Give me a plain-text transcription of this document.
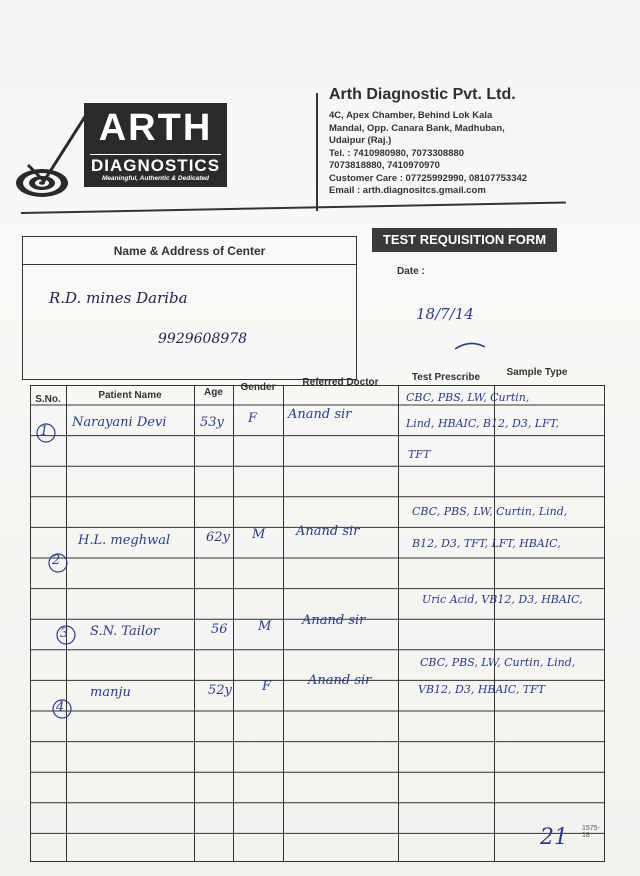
ARTH
DIAGNOSTICS
Meaningful, Authentic & Dedicated
Arth Diagnostic Pvt. Ltd.
4C, Apex Chamber, Behind Lok Kala
Mandal, Opp. Canara Bank, Madhuban,
Udaipur (Raj.)
Tel. : 7410980980, 7073308880
7073818880, 7410970970
Customer Care : 07725992990, 08107753342
Email : arth.diagnositcs.gmail.com
Name & Address of Center
R.D. mines Dariba
9929608978
TEST REQUISITION FORM
Date :
18/7/14
S.No.	Patient Name	Age	Gender	Referred Doctor	Test Prescribe	Sample Type
1
Narayani Devi	53y F Anand sir
CBC, PBS, LW, Curtin,
Lind, HBAIC, B12, D3, LFT,
TFT
2
H.L. meghwal	62y M Anand sir
CBC, PBS, LW, Curtin, Lind,
B12, D3, TFT, LFT, HBAIC,
3 S.N. Tailor	56 M Anand sir
Uric Acid, VB12, D3, HBAIC,
4
manju	52y F	Anand sir
CBC, PBS, LW, Curtin, Lind,
VB12, D3, HBAIC, TFT
1575-18
21
